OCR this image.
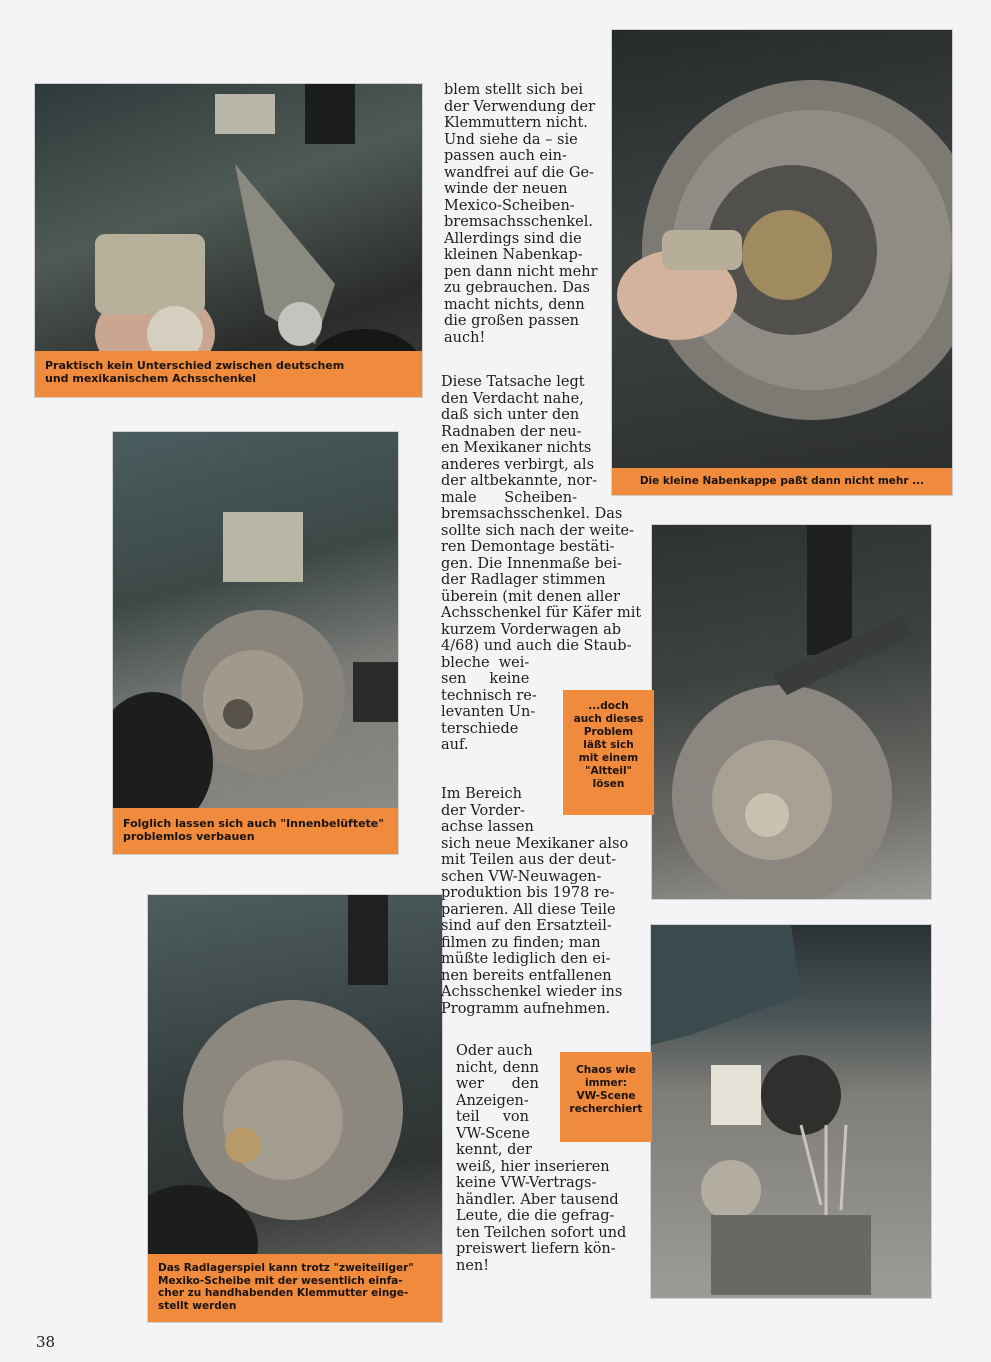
Praktisch kein Unterschied zwischen deutschem
und mexikanischem Achsschenkel
Die kleine Nabenkappe paßt dann nicht mehr ...
Folglich lassen sich auch "Innenbelüftete"
problemlos verbauen
...doch
auch dieses
Problem
läßt sich
mit einem
"Altteil"
lösen
Das Radlagerspiel kann trotz "zweiteiliger"
Mexiko-Scheibe mit der wesentlich einfa-
cher zu handhabenden Klemmutter einge-
stellt werden
Chaos wie
immer:
VW-Scene
recherchiert
blem stellt sich bei
der Verwendung der
Klemmuttern nicht.
Und siehe da – sie
passen auch ein-
wandfrei auf die Ge-
winde der neuen
Mexico-Scheiben-
bremsachsschenkel.
Allerdings sind die
kleinen Nabenkap-
pen dann nicht mehr
zu gebrauchen. Das
macht nichts, denn
die großen passen
auch!
Diese Tatsache legt
den Verdacht nahe,
daß sich unter den
Radnaben der neu-
en Mexikaner nichts
anderes verbirgt, als
der altbekannte, nor-
male      Scheiben-
bremsachsschenkel. Das
sollte sich nach der weite-
ren Demontage bestäti-
gen. Die Innenmaße bei-
der Radlager stimmen
überein (mit denen aller
Achsschenkel für Käfer mit
kurzem Vorderwagen ab
4/68) und auch die Staub-
bleche  wei-
sen     keine
technisch re-
levanten Un-
terschiede
auf.
Im Bereich
der Vorder-
achse lassen
sich neue Mexikaner also
mit Teilen aus der deut-
schen VW-Neuwagen-
produktion bis 1978 re-
parieren. All diese Teile
sind auf den Ersatzteil-
filmen zu finden; man
müßte lediglich den ei-
nen bereits entfallenen
Achsschenkel wieder ins
Programm aufnehmen.
Oder auch
nicht, denn
wer      den
Anzeigen-
teil     von
VW-Scene
kennt, der
weiß, hier inserieren
keine VW-Vertrags-
händler. Aber tausend
Leute, die die gefrag-
ten Teilchen sofort und
preiswert liefern kön-
nen!
38
